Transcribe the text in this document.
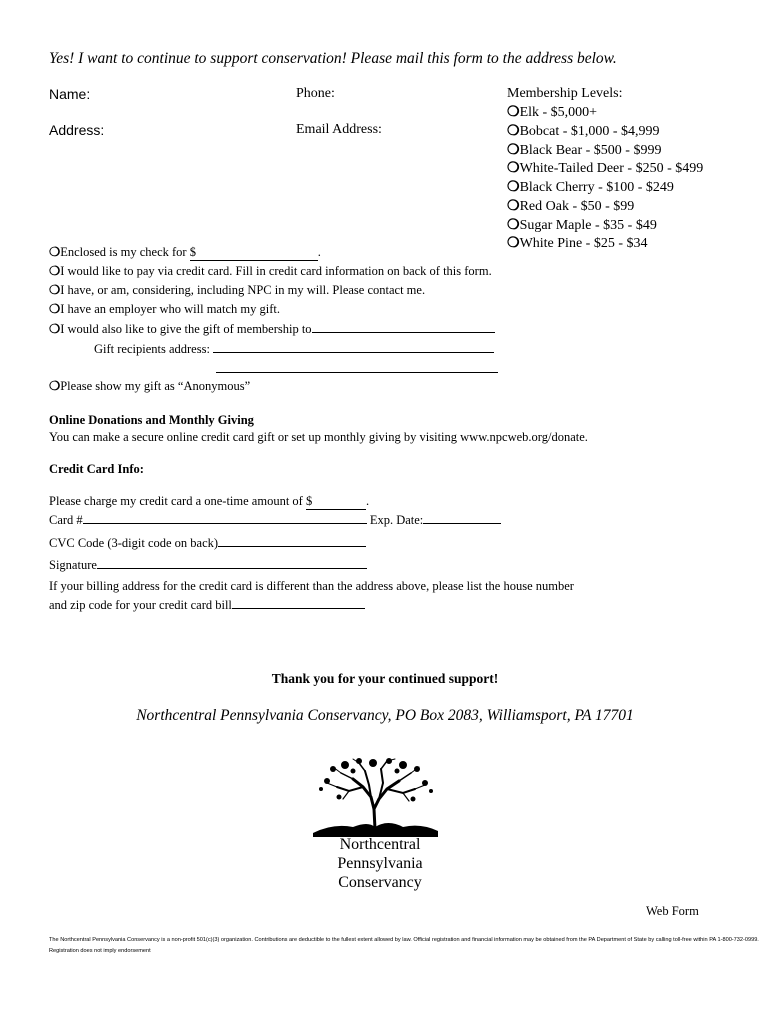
Yes! I want to continue to support conservation! Please mail this form to the address below.
Name:
Address:
Phone:
Email Address:
Membership Levels:
❍Elk - $5,000+
❍Bobcat - $1,000 - $4,999
❍Black Bear - $500 - $999
❍White-Tailed Deer - $250 - $499
❍Black Cherry - $100 - $249
❍Red Oak - $50 - $99
❍Sugar Maple - $35 - $49
❍White Pine - $25 - $34
❍Enclosed is my check for $	.
❍I would like to pay via credit card. Fill in credit card information on back of this form.
❍I have, or am, considering, including NPC in my will. Please contact me.
❍I have an employer who will match my gift.
❍I would also like to give the gift of membership to
Gift recipients address:
❍Please show my gift as “Anonymous”
Online Donations and Monthly Giving
You can make a secure online credit card gift or set up monthly giving by visiting www.npcweb.org/donate.
Credit Card Info:
Please charge my credit card a one-time amount of $	.
Card #	Exp. Date:
CVC Code (3-digit code on back)
Signature
If your billing address for the credit card is different than the address above, please list the house number
and zip code for your credit card bill
Thank you for your continued support!
Northcentral Pennsylvania Conservancy, PO Box 2083, Williamsport, PA 17701
Northcentral
Pennsylvania
Conservancy
Web Form
The Northcentral Pennsylvania Conservancy is a non-profit 501(c)(3) organization. Contributions are deductible to the fullest extent allowed by law. Official registration and financial information may be obtained from the PA Department of State by calling toll-free within PA 1-800-732-0999.
Registration does not imply endorsement
